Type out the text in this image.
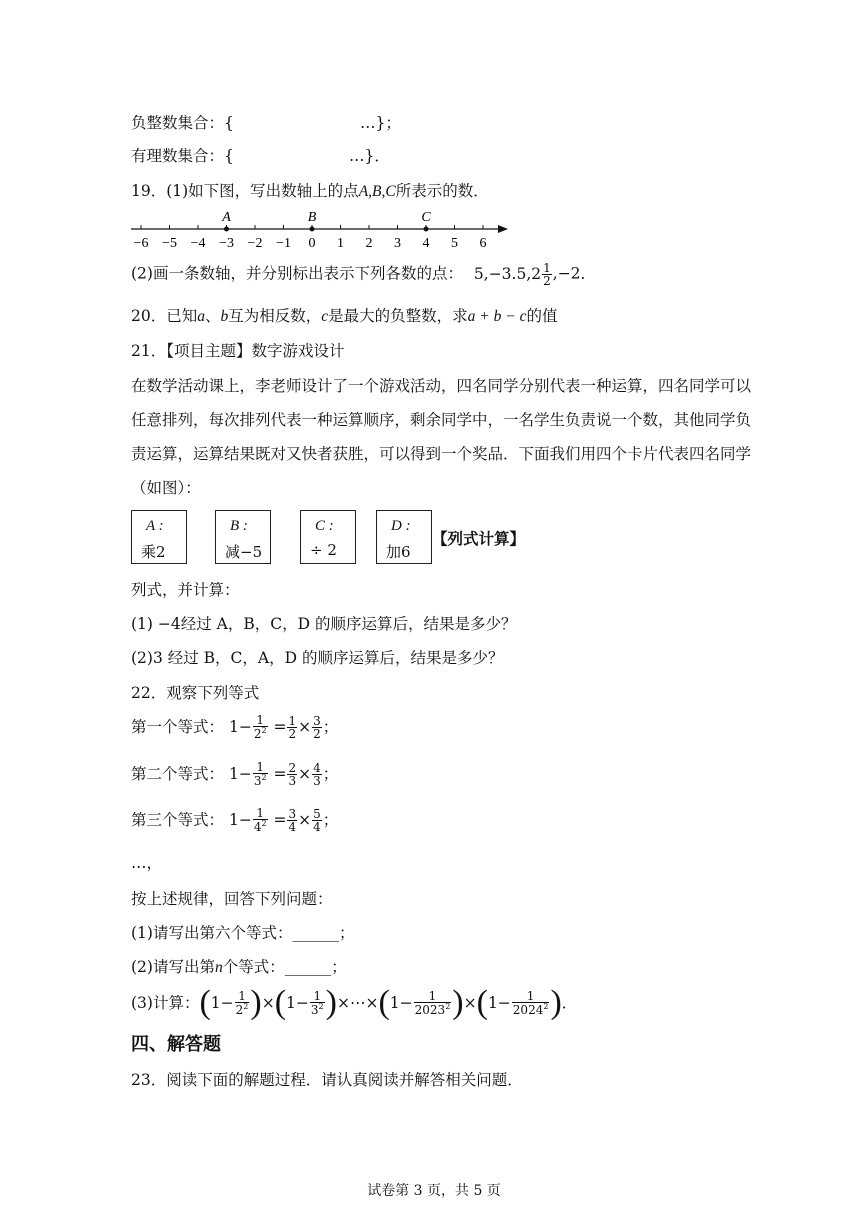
负整数集合：{	…}；
有理数集合：{	…}．
19．(1)如下图，写出数轴上的点A,B,C所表示的数．
−6 −5 −4 −3 −2 −1 0 1 2 3 4 5 6
A	B	C
(2)画一条数轴，并分别标出表示下列各数的点： $5,-3.5,2 \frac{1}{2} ,-2$．
20．已知a、b互为相反数，c是最大的负整数，求a + b − c的值
21．【项目主题】数字游戏设计
在数学活动课上，李老师设计了一个游戏活动，四名同学分别代表一种运算，四名同学可以
任意排列，每次排列代表一种运算顺序，剩余同学中，一名学生负责说一个数，其他同学负
责运算，运算结果既对又快者获胜，可以得到一个奖品．下面我们用四个卡片代表四名同学
（如图）：
A :
乘2
B :
减−5
C :
÷ 2
D :
加6
【列式计算】
列式，并计算：
(1) −4经过 A，B，C，D 的顺序运算后，结果是多少？
(2)3 经过 B，C，A，D 的顺序运算后，结果是多少？
22．观察下列等式
第一个等式： $1- \frac{1}{2^2} = \frac{1}{2} \times \frac{3}{2}$ ；
第二个等式： $1- \frac{1}{3^2} = \frac{2}{3} \times \frac{4}{3}$ ；
第三个等式： $1- \frac{1}{4^2} = \frac{3}{4} \times \frac{5}{4}$ ；
…，
按上述规律，回答下列问题：
(1)请写出第六个等式：______；
(2)请写出第n个等式：______；
(3)计算：$(1- \frac{1}{2^2} )\times(1- \frac{1}{3^2}$ )×⋯×(1− $\frac{1}{2023^2} )\times(1- \frac{1}{2024^2}$ )．
四、解答题
23．阅读下面的解题过程．请认真阅读并解答相关问题．
试卷第 3 页，共 5 页
